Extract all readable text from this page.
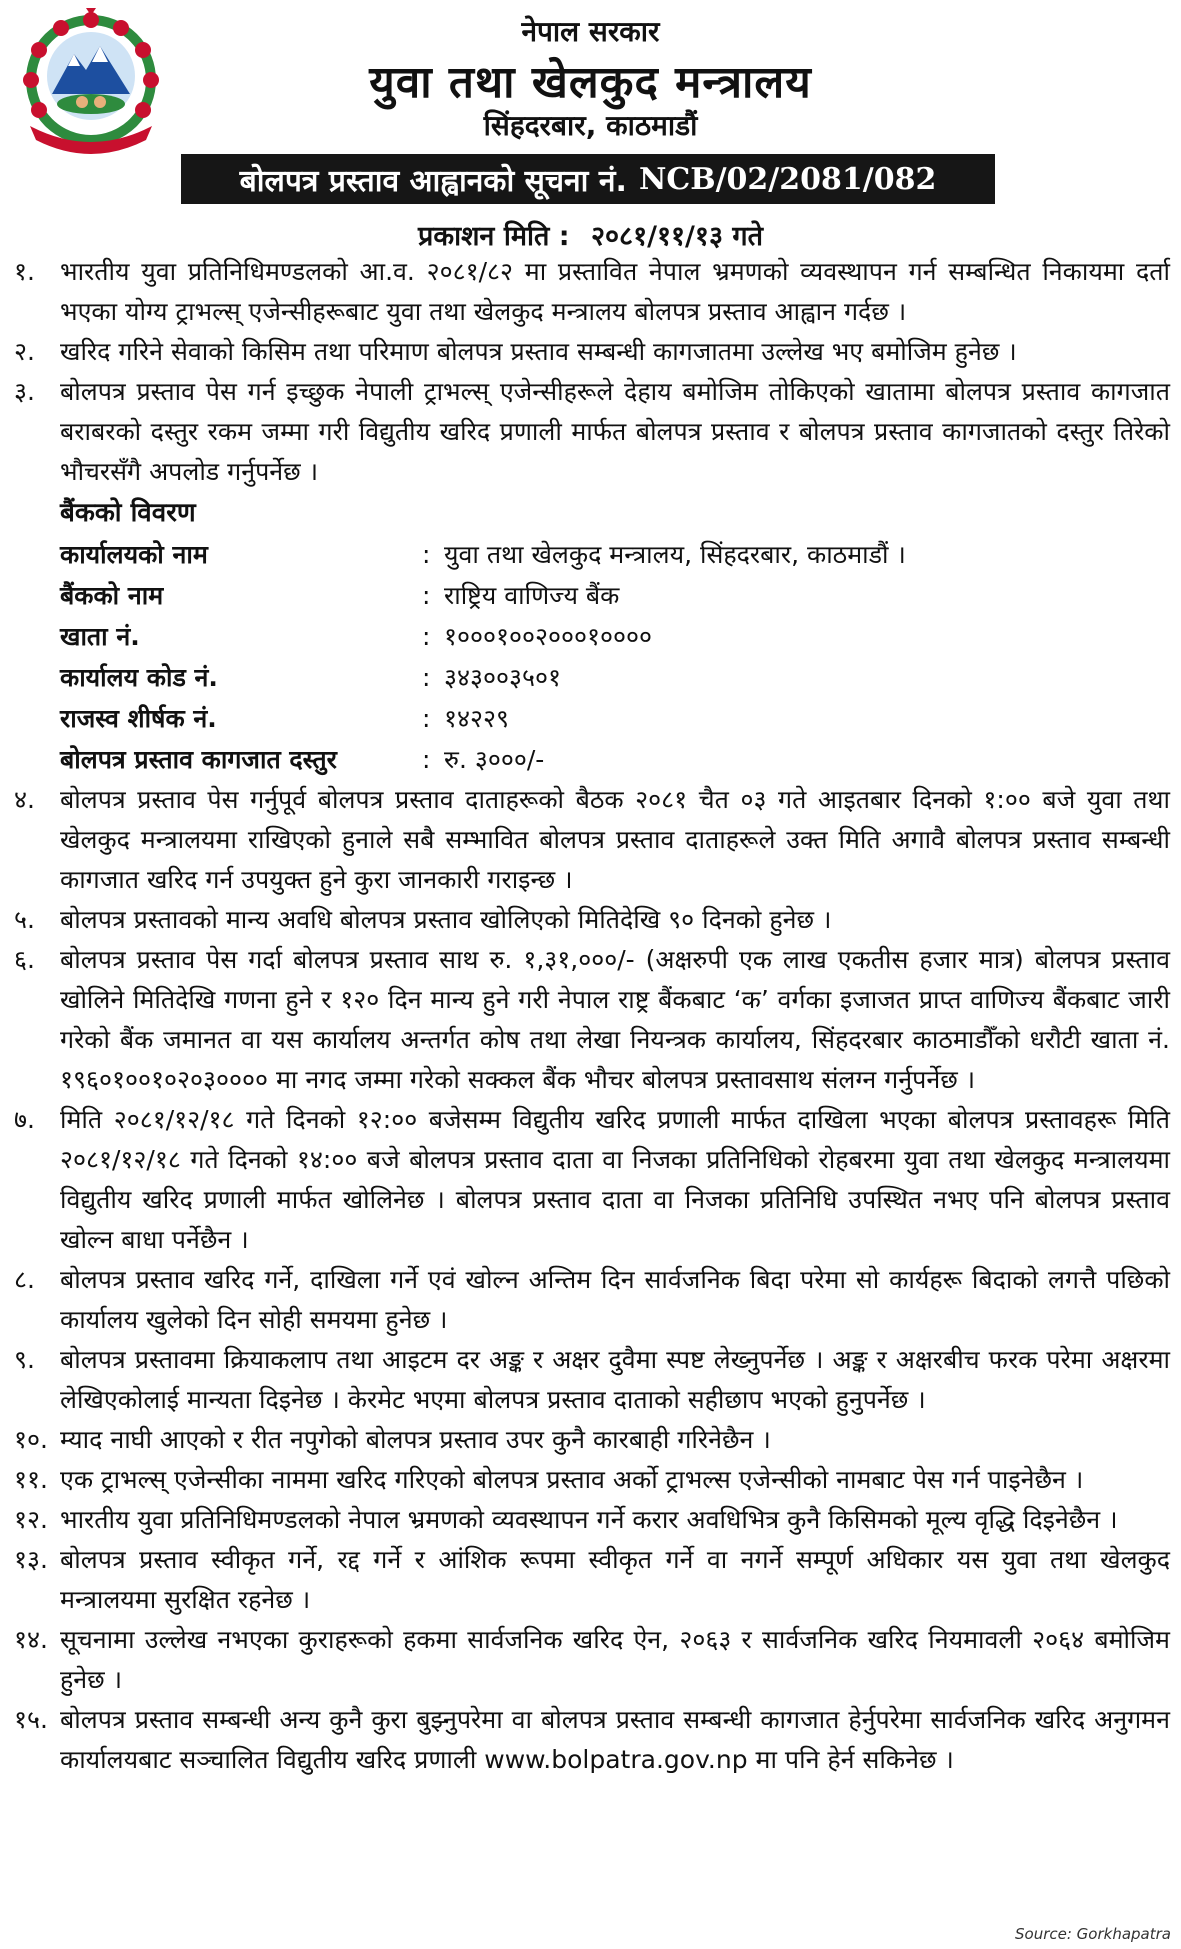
नेपाल सरकार
युवा तथा खेलकुद मन्त्रालय
सिंहदरबार, काठमाडौं
बोलपत्र प्रस्ताव आह्वानको सूचना नं. NCB/02/2081/082
प्रकाशन मिति : २०८१/११/१३ गते
१.	भारतीय युवा प्रतिनिधिमण्डलको आ.व. २०८१/८२ मा प्रस्तावित नेपाल भ्रमणको व्यवस्थापन गर्न सम्बन्धित निकायमा दर्ता भएका योग्य ट्राभल्स् एजेन्सीहरूबाट युवा तथा खेलकुद मन्त्रालय बोलपत्र प्रस्ताव आह्वान गर्दछ ।
२.	खरिद गरिने सेवाको किसिम तथा परिमाण बोलपत्र प्रस्ताव सम्बन्धी कागजातमा उल्लेख भए बमोजिम हुनेछ ।
३.	बोलपत्र प्रस्ताव पेस गर्न इच्छुक नेपाली ट्राभल्स् एजेन्सीहरूले देहाय बमोजिम तोकिएको खातामा बोलपत्र प्रस्ताव कागजात बराबरको दस्तुर रकम जम्मा गरी विद्युतीय खरिद प्रणाली मार्फत बोलपत्र प्रस्ताव र बोलपत्र प्रस्ताव कागजातको दस्तुर तिरेको भौचरसँगै अपलोड गर्नुपर्नेछ ।
बैंकको विवरण
कार्यालयको नाम	: युवा तथा खेलकुद मन्त्रालय, सिंहदरबार, काठमाडौं ।
बैंकको नाम	: राष्ट्रिय वाणिज्य बैंक
खाता नं.	: १०००१००२०००१००००
कार्यालय कोड नं.	: ३४३००३५०१
राजस्व शीर्षक नं.	: १४२२९
बोलपत्र प्रस्ताव कागजात दस्तुर	: रु. ३०००/-
४.	बोलपत्र प्रस्ताव पेस गर्नुपूर्व बोलपत्र प्रस्ताव दाताहरूको बैठक २०८१ चैत ०३ गते आइतबार दिनको १:०० बजे युवा तथा खेलकुद मन्त्रालयमा राखिएको हुनाले सबै सम्भावित बोलपत्र प्रस्ताव दाताहरूले उक्त मिति अगावै बोलपत्र प्रस्ताव सम्बन्धी कागजात खरिद गर्न उपयुक्त हुने कुरा जानकारी गराइन्छ ।
५.	बोलपत्र प्रस्तावको मान्य अवधि बोलपत्र प्रस्ताव खोलिएको मितिदेखि ९० दिनको हुनेछ ।
६.	बोलपत्र प्रस्ताव पेस गर्दा बोलपत्र प्रस्ताव साथ रु. १,३१,०००/- (अक्षरुपी एक लाख एकतीस हजार मात्र) बोलपत्र प्रस्ताव खोलिने मितिदेखि गणना हुने र १२० दिन मान्य हुने गरी नेपाल राष्ट्र बैंकबाट ‘क’ वर्गका इजाजत प्राप्त वाणिज्य बैंकबाट जारी गरेको बैंक जमानत वा यस कार्यालय अन्तर्गत कोष तथा लेखा नियन्त्रक कार्यालय, सिंहदरबार काठमाडौँको धरौटी खाता नं. १९६०१००१०२०३०००० मा नगद जम्मा गरेको सक्कल बैंक भौचर बोलपत्र प्रस्तावसाथ संलग्न गर्नुपर्नेछ ।
७.	मिति २०८१/१२/१८ गते दिनको १२:०० बजेसम्म विद्युतीय खरिद प्रणाली मार्फत दाखिला भएका बोलपत्र प्रस्तावहरू मिति २०८१/१२/१८ गते दिनको १४:०० बजे बोलपत्र प्रस्ताव दाता वा निजका प्रतिनिधिको रोहबरमा युवा तथा खेलकुद मन्त्रालयमा विद्युतीय खरिद प्रणाली मार्फत खोलिनेछ । बोलपत्र प्रस्ताव दाता वा निजका प्रतिनिधि उपस्थित नभए पनि बोलपत्र प्रस्ताव खोल्न बाधा पर्नेछैन ।
८.	बोलपत्र प्रस्ताव खरिद गर्ने, दाखिला गर्ने एवं खोल्न अन्तिम दिन सार्वजनिक बिदा परेमा सो कार्यहरू बिदाको लगत्तै पछिको कार्यालय खुलेको दिन सोही समयमा हुनेछ ।
९.	बोलपत्र प्रस्तावमा क्रियाकलाप तथा आइटम दर अङ्क र अक्षर दुवैमा स्पष्ट लेख्नुपर्नेछ । अङ्क र अक्षरबीच फरक परेमा अक्षरमा लेखिएकोलाई मान्यता दिइनेछ । केरमेट भएमा बोलपत्र प्रस्ताव दाताको सहीछाप भएको हुनुपर्नेछ ।
१०. म्याद नाघी आएको र रीत नपुगेको बोलपत्र प्रस्ताव उपर कुनै कारबाही गरिनेछैन ।
११. एक ट्राभल्स् एजेन्सीका नाममा खरिद गरिएको बोलपत्र प्रस्ताव अर्को ट्राभल्स एजेन्सीको नामबाट पेस गर्न पाइनेछैन ।
१२. भारतीय युवा प्रतिनिधिमण्डलको नेपाल भ्रमणको व्यवस्थापन गर्ने करार अवधिभित्र कुनै किसिमको मूल्य वृद्धि दिइनेछैन ।
१३. बोलपत्र प्रस्ताव स्वीकृत गर्ने, रद्द गर्ने र आंशिक रूपमा स्वीकृत गर्ने वा नगर्ने सम्पूर्ण अधिकार यस युवा तथा खेलकुद मन्त्रालयमा सुरक्षित रहनेछ ।
१४. सूचनामा उल्लेख नभएका कुराहरूको हकमा सार्वजनिक खरिद ऐन, २०६३ र सार्वजनिक खरिद नियमावली २०६४ बमोजिम हुनेछ ।
१५. बोलपत्र प्रस्ताव सम्बन्धी अन्य कुनै कुरा बुझ्नुपरेमा वा बोलपत्र प्रस्ताव सम्बन्धी कागजात हेर्नुपरेमा सार्वजनिक खरिद अनुगमन कार्यालयबाट सञ्चालित विद्युतीय खरिद प्रणाली www.bolpatra.gov.np मा पनि हेर्न सकिनेछ ।
Source: Gorkhapatra
